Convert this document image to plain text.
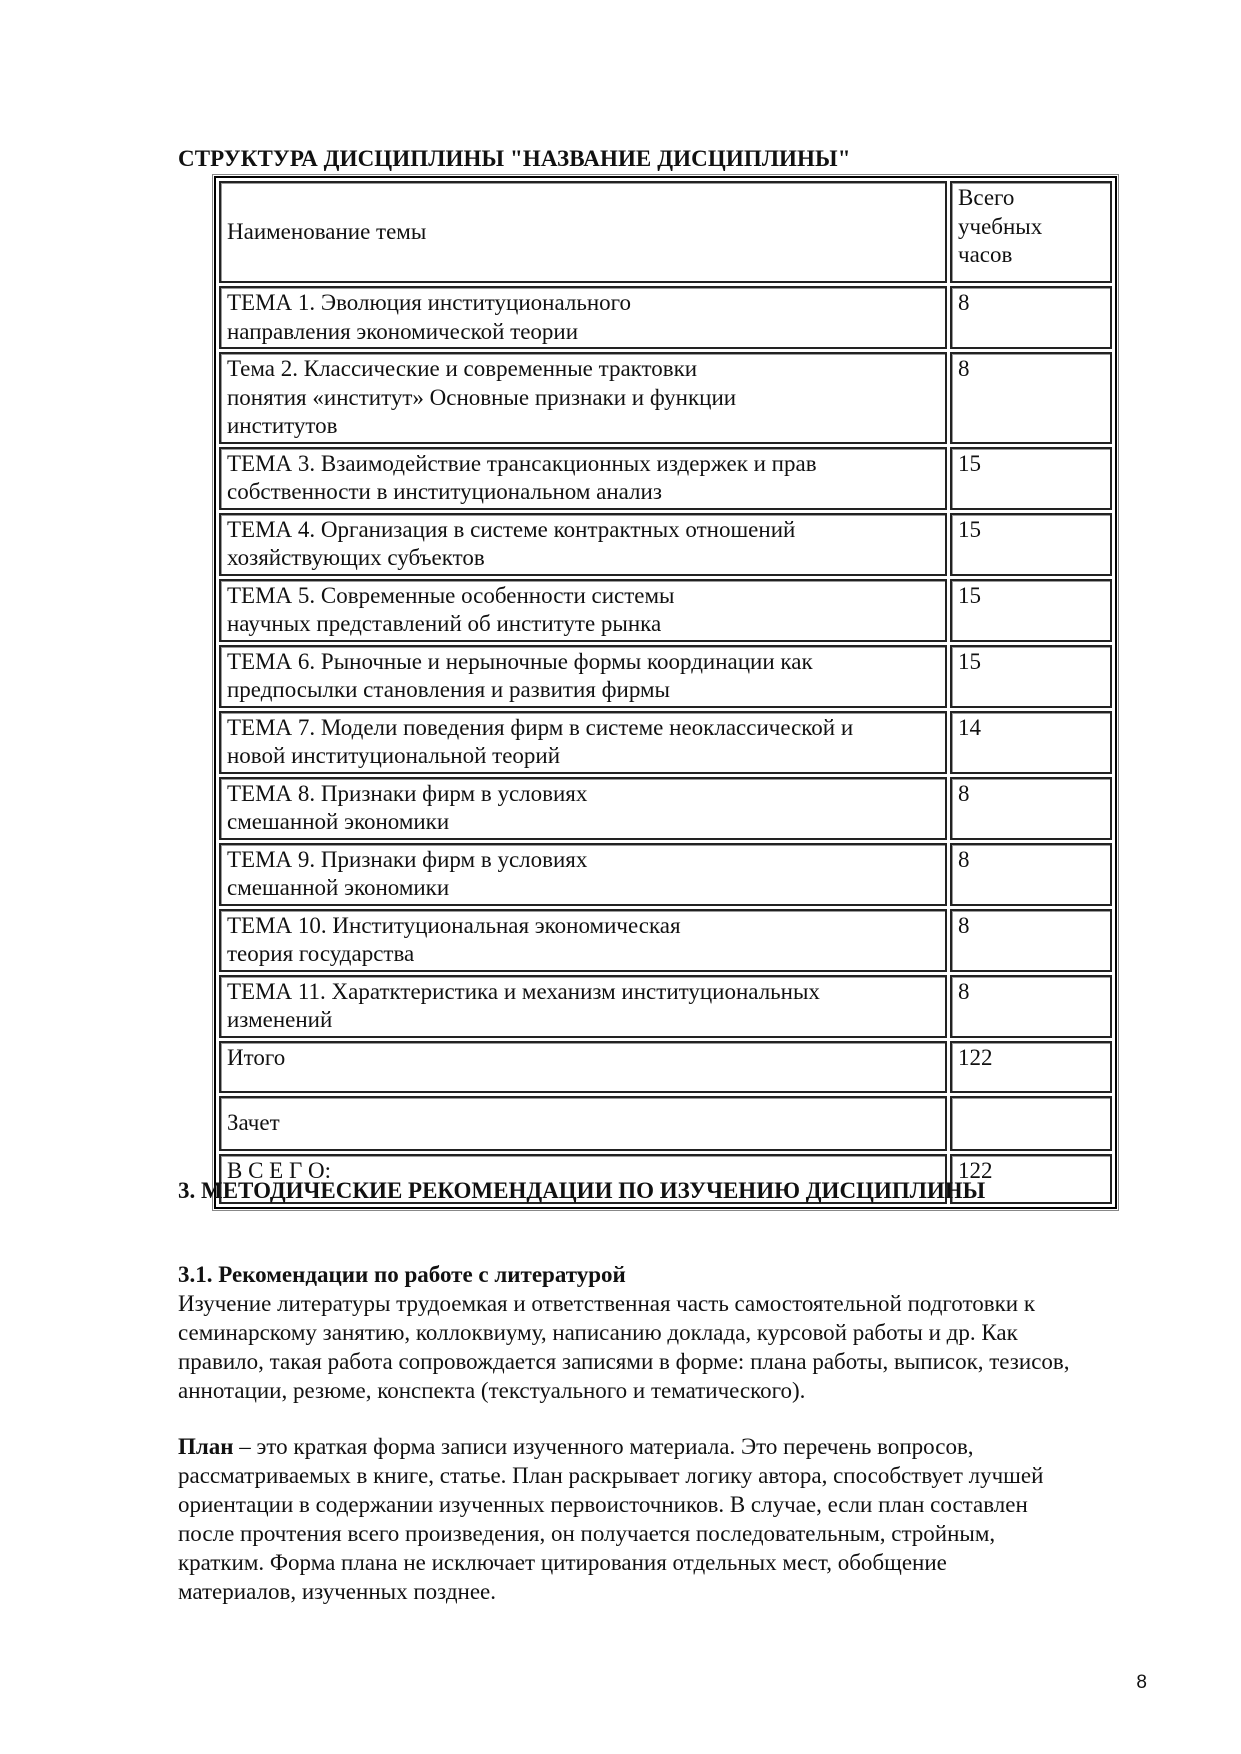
СТРУКТУРА ДИСЦИПЛИНЫ "НАЗВАНИЕ ДИСЦИПЛИНЫ"
Наименование темы	Всего
учебных
часов

ТЕМА 1. Эволюция институционального
направления экономической теории	8

Тема 2. Классические и современные трактовки
понятия «институт» Основные признаки и функции
институтов	8

ТЕМА 3. Взаимодействие трансакционных издержек и прав
собственности в институциональном анализ	15

ТЕМА 4. Организация в системе контрактных отношений
хозяйствующих субъектов	15

ТЕМА 5. Современные особенности системы
научных представлений об институте рынка	15

ТЕМА 6. Рыночные и нерыночные формы координации как
предпосылки становления и развития фирмы	15

ТЕМА 7. Модели поведения фирм в системе неоклассической и
новой институциональной теорий	14

ТЕМА 8. Признаки фирм в условиях
смешанной экономики	8

ТЕМА 9. Признаки фирм в условиях
смешанной экономики	8

ТЕМА 10. Институциональная экономическая
теория государства	8

ТЕМА 11. Харатктеристика и механизм институциональных
изменений	8

Итого	122

Зачет	

В С Е Г О:	122
3. МЕТОДИЧЕСКИЕ РЕКОМЕНДАЦИИ ПО ИЗУЧЕНИЮ ДИСЦИПЛИНЫ
3.1. Рекомендации по работе с литературой
Изучение литературы трудоемкая и ответственная часть самостоятельной подготовки к
семинарскому занятию, коллоквиуму, написанию доклада, курсовой работы и др. Как
правило, такая работа сопровождается записями в форме: плана работы, выписок, тезисов,
аннотации, резюме, конспекта (текстуального и тематического).
План – это краткая форма записи изученного материала. Это перечень вопросов,
рассматриваемых в книге, статье. План раскрывает логику автора, способствует лучшей
ориентации в содержании изученных первоисточников. В случае, если план составлен
после прочтения всего произведения, он получается последовательным, стройным,
кратким. Форма плана не исключает цитирования отдельных мест, обобщение
материалов, изученных позднее.
8
